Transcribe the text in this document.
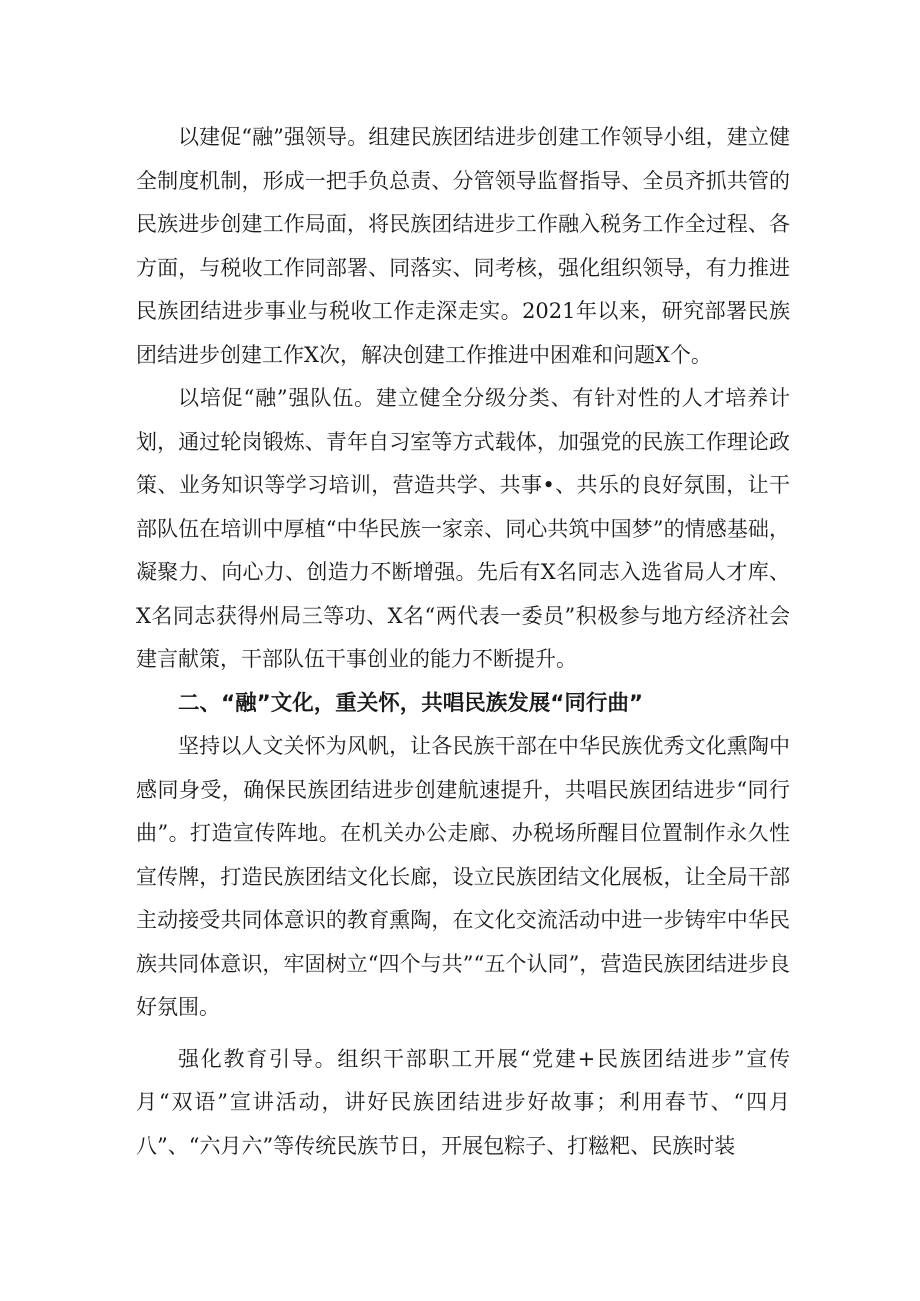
以建促“融”强领导。组建民族团结进步创建工作领导小组，建立健全制度机制，形成一把手负总责、分管领导监督指导、全员齐抓共管的民族进步创建工作局面，将民族团结进步工作融入税务工作全过程、各方面，与税收工作同部署、同落实、同考核，强化组织领导，有力推进民族团结进步事业与税收工作走深走实。2021年以来，研究部署民族团结进步创建工作X次，解决创建工作推进中困难和问题X个。

以培促“融”强队伍。建立健全分级分类、有针对性的人才培养计划，通过轮岗锻炼、青年自习室等方式载体，加强党的民族工作理论政策、业务知识等学习培训，营造共学、共事•、共乐的良好氛围，让干部队伍在培训中厚植“中华民族一家亲、同心共筑中国梦”的情感基础，凝聚力、向心力、创造力不断增强。先后有X名同志入选省局人才库、X名同志获得州局三等功、X名“两代表一委员”积极参与地方经济社会建言献策，干部队伍干事创业的能力不断提升。

二、“融”文化，重关怀，共唱民族发展“同行曲”

坚持以人文关怀为风帆，让各民族干部在中华民族优秀文化熏陶中感同身受，确保民族团结进步创建航速提升，共唱民族团结进步“同行曲”。打造宣传阵地。在机关办公走廊、办税场所醒目位置制作永久性宣传牌，打造民族团结文化长廊，设立民族团结文化展板，让全局干部主动接受共同体意识的教育熏陶，在文化交流活动中进一步铸牢中华民族共同体意识，牢固树立“四个与共”“五个认同”，营造民族团结进步良好氛围。

强化教育引导。组织干部职工开展“党建+民族团结进步”宣传月“双语”宣讲活动，讲好民族团结进步好故事；利用春节、“四月八”、“六月六”等传统民族节日，开展包粽子、打糍粑、民族时装
